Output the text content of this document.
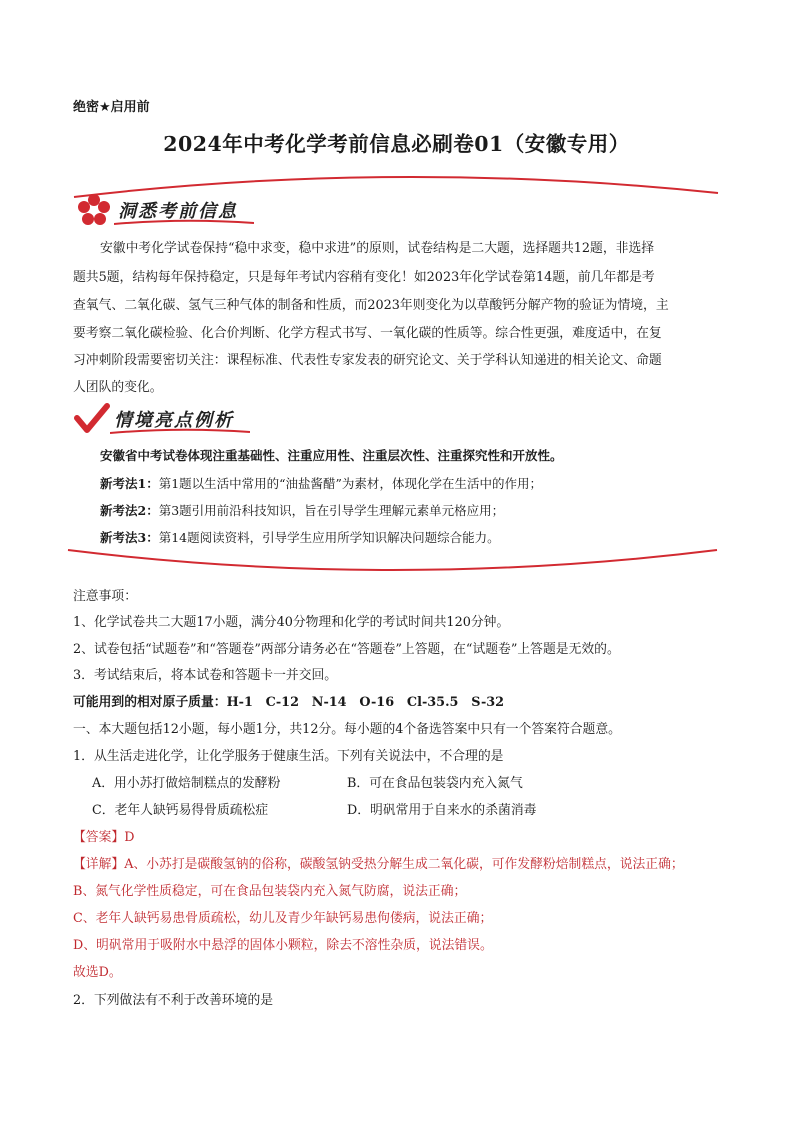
绝密★启用前
2024年中考化学考前信息必刷卷01（安徽专用）
洞悉考前信息
安徽中考化学试卷保持“稳中求变，稳中求进”的原则，试卷结构是二大题，选择题共12题，非选择
题共5题，结构每年保持稳定，只是每年考试内容稍有变化！如2023年化学试卷第14题，前几年都是考
查氧气、二氧化碳、氢气三种气体的制备和性质，而2023年则变化为以草酸钙分解产物的验证为情境，主
要考察二氧化碳检验、化合价判断、化学方程式书写、一氧化碳的性质等。综合性更强，难度适中，在复
习冲刺阶段需要密切关注：课程标准、代表性专家发表的研究论文、关于学科认知递进的相关论文、命题
人团队的变化。
情境亮点例析
安徽省中考试卷体现注重基础性、注重应用性、注重层次性、注重探究性和开放性。
新考法1：第1题以生活中常用的“油盐酱醋”为素材，体现化学在生活中的作用；
新考法2：第3题引用前沿科技知识，旨在引导学生理解元素单元格应用；
新考法3：第14题阅读资料，引导学生应用所学知识解决问题综合能力。
注意事项：
1、化学试卷共二大题17小题，满分40分物理和化学的考试时间共120分钟。
2、试卷包括“试题卷”和“答题卷”两部分请务必在“答题卷”上答题，在“试题卷”上答题是无效的。
3．考试结束后，将本试卷和答题卡一并交回。
可能用到的相对原子质量：H-1　C-12　N-14　O-16　Cl-35.5　S-32
一、本大题包括12小题，每小题1分，共12分。每小题的4个备选答案中只有一个答案符合题意。
1．从生活走进化学，让化学服务于健康生活。下列有关说法中，不合理的是
A．用小苏打做焙制糕点的发酵粉	B．可在食品包装袋内充入氮气
C．老年人缺钙易得骨质疏松症	D．明矾常用于自来水的杀菌消毒
【答案】D
【详解】A、小苏打是碳酸氢钠的俗称，碳酸氢钠受热分解生成二氧化碳，可作发酵粉焙制糕点，说法正确；
B、氮气化学性质稳定，可在食品包装袋内充入氮气防腐，说法正确；
C、老年人缺钙易患骨质疏松，幼儿及青少年缺钙易患佝偻病，说法正确；
D、明矾常用于吸附水中悬浮的固体小颗粒，除去不溶性杂质，说法错误。
故选D。
2．下列做法有不利于改善环境的是
